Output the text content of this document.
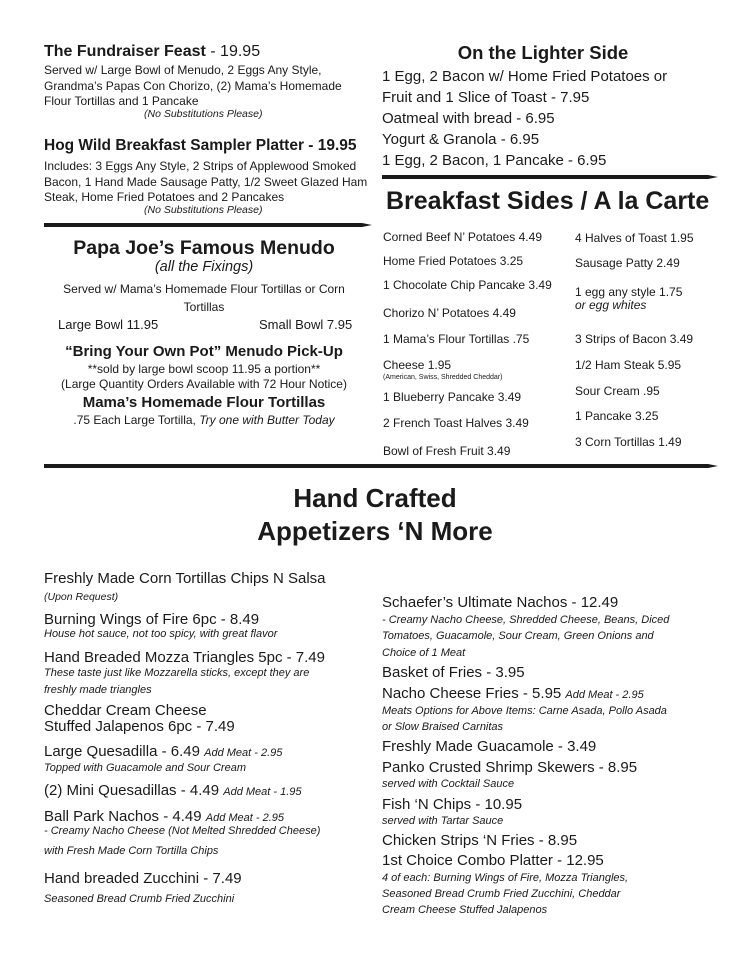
The Fundraiser Feast - 19.95
Served w/ Large Bowl of Menudo, 2 Eggs Any Style,
Grandma’s Papas Con Chorizo, (2) Mama’s Homemade
Flour Tortillas and 1 Pancake
(No Substitutions Please)
Hog Wild Breakfast Sampler Platter - 19.95
Includes: 3 Eggs Any Style, 2 Strips of Applewood Smoked
Bacon, 1 Hand Made Sausage Patty, 1/2 Sweet Glazed Ham
Steak, Home Fried Potatoes and 2 Pancakes
(No Substitutions Please)
Papa Joe’s Famous Menudo
(all the Fixings)
Served w/ Mama’s Homemade Flour Tortillas or Corn
Tortillas
Large Bowl 11.95	Small Bowl 7.95
“Bring Your Own Pot” Menudo Pick-Up
**sold by large bowl scoop 11.95 a portion**
(Large Quantity Orders Available with 72 Hour Notice)
Mama’s Homemade Flour Tortillas
.75 Each Large Tortilla, Try one with Butter Today
On the Lighter Side
1 Egg, 2 Bacon w/ Home Fried Potatoes or
Fruit and 1 Slice of Toast - 7.95
Oatmeal with bread - 6.95
Yogurt & Granola - 6.95
1 Egg, 2 Bacon, 1 Pancake - 6.95
Breakfast Sides / A la Carte
Corned Beef N’ Potatoes 4.49
Home Fried Potatoes 3.25
1 Chocolate Chip Pancake 3.49
Chorizo N’ Potatoes 4.49
1 Mama’s Flour Tortillas .75
Cheese 1.95
(American, Swiss, Shredded Cheddar)
1 Blueberry Pancake 3.49
2 French Toast Halves 3.49
Bowl of Fresh Fruit 3.49
4 Halves of Toast 1.95
Sausage Patty 2.49
1 egg any style 1.75
or egg whites
3 Strips of Bacon 3.49
1/2 Ham Steak 5.95
Sour Cream .95
1 Pancake 3.25
3 Corn Tortillas 1.49
Hand Crafted
Appetizers ‘N More
Freshly Made Corn Tortillas Chips N Salsa
(Upon Request)
Burning Wings of Fire 6pc - 8.49
House hot sauce, not too spicy, with great flavor
Hand Breaded Mozza Triangles 5pc - 7.49
These taste just like Mozzarella sticks, except they are
freshly made triangles
Cheddar Cream Cheese
Stuffed Jalapenos 6pc - 7.49
Large Quesadilla - 6.49 Add Meat - 2.95
Topped with Guacamole and Sour Cream
(2) Mini Quesadillas - 4.49 Add Meat - 1.95
Ball Park Nachos - 4.49 Add Meat - 2.95
- Creamy Nacho Cheese (Not Melted Shredded Cheese)
with Fresh Made Corn Tortilla Chips
Hand breaded Zucchini - 7.49
Seasoned Bread Crumb Fried Zucchini
Schaefer’s Ultimate Nachos - 12.49
- Creamy Nacho Cheese, Shredded Cheese, Beans, Diced
Tomatoes, Guacamole, Sour Cream, Green Onions and
Choice of 1 Meat
Basket of Fries - 3.95
Nacho Cheese Fries - 5.95 Add Meat - 2.95
Meats Options for Above Items: Carne Asada, Pollo Asada
or Slow Braised Carnitas
Freshly Made Guacamole - 3.49
Panko Crusted Shrimp Skewers - 8.95
served with Cocktail Sauce
Fish ‘N Chips - 10.95
served with Tartar Sauce
Chicken Strips ‘N Fries - 8.95
1st Choice Combo Platter - 12.95
4 of each: Burning Wings of Fire, Mozza Triangles,
Seasoned Bread Crumb Fried Zucchini, Cheddar
Cream Cheese Stuffed Jalapenos
